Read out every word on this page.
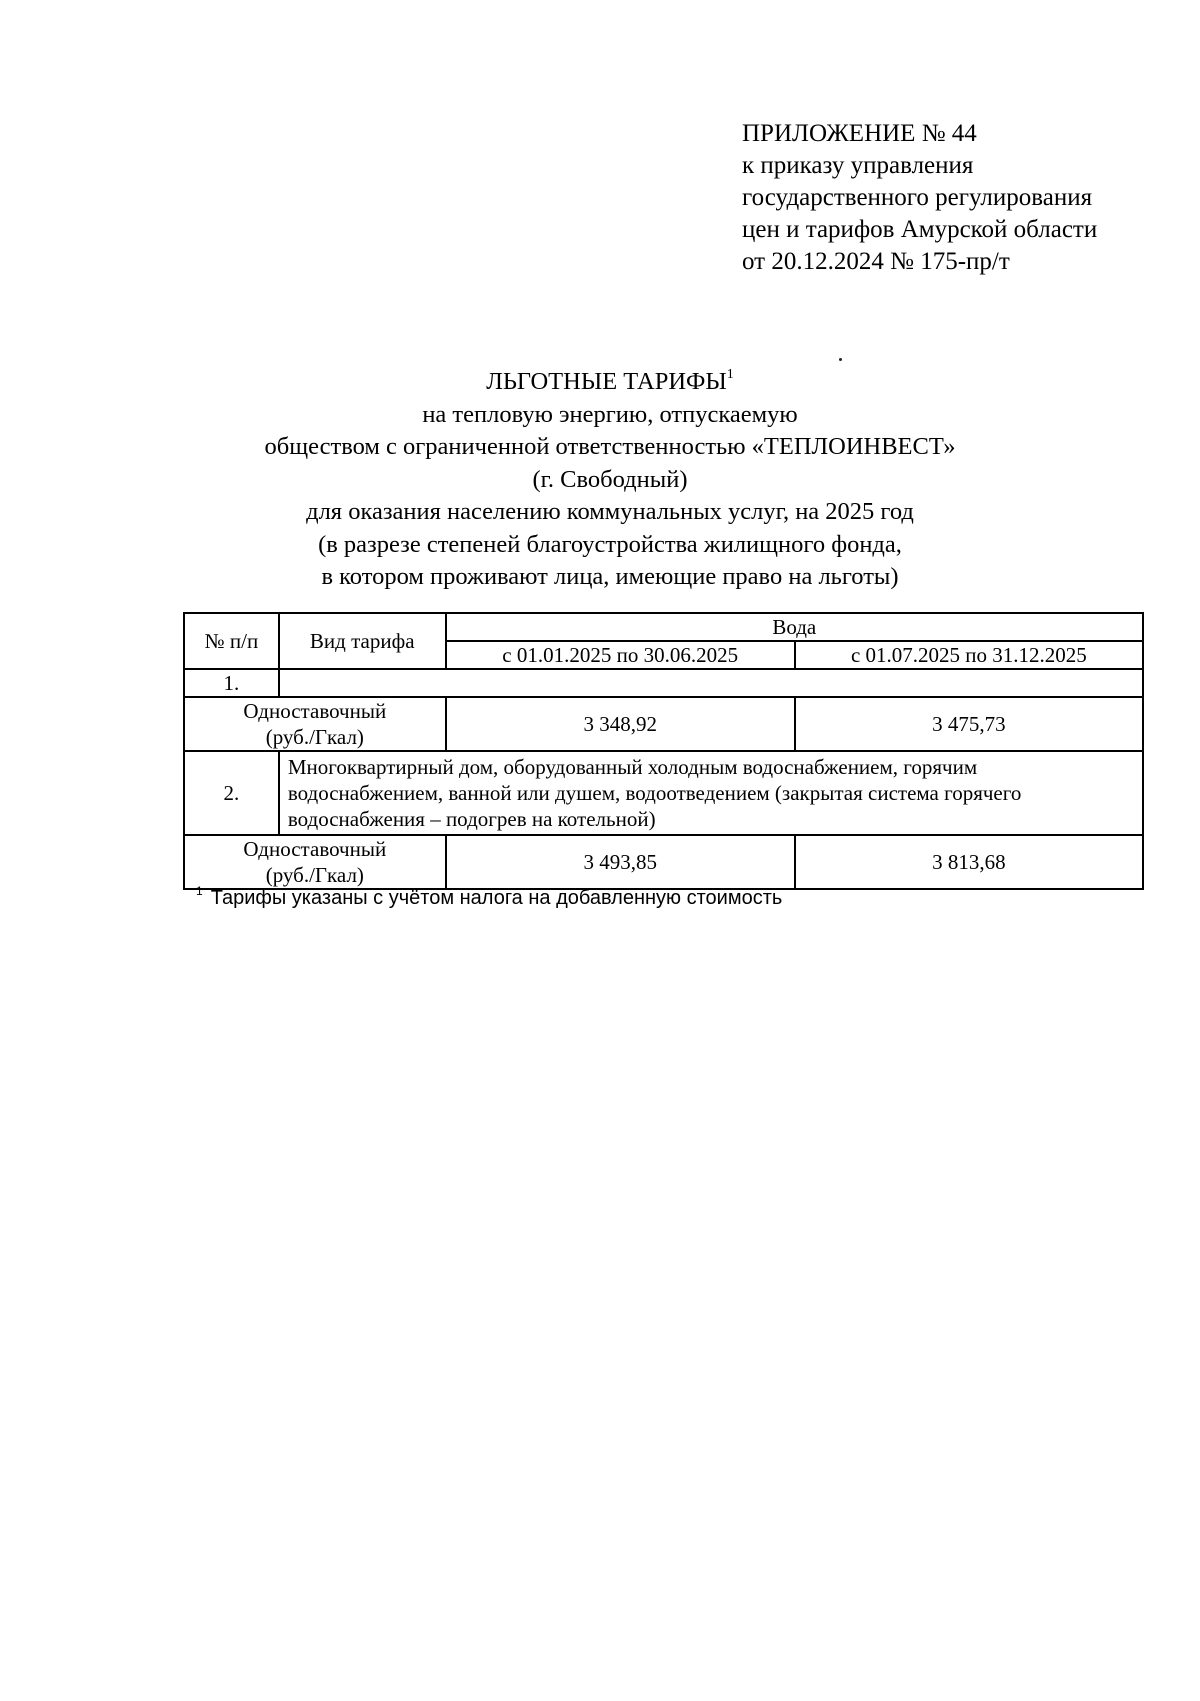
ПРИЛОЖЕНИЕ № 44
к приказу управления
государственного регулирования
цен и тарифов Амурской области
от 20.12.2024 № 175-пр/т
ЛЬГОТНЫЕ ТАРИФЫ$^1$
на тепловую энергию, отпускаемую
обществом с ограниченной ответственностью «ТЕПЛОИНВЕСТ»
(г. Свободный)
для оказания населению коммунальных услуг, на 2025 год
(в разрезе степеней благоустройства жилищного фонда,
в котором проживают лица, имеющие право на льготы)
№ п/п	Вид тарифа	Вода	
		с 01.01.2025 по 30.06.2025	с 01.07.2025 по 31.12.2025
1.			

Одноставочный
(руб./Гкал)		3 348,92	3 475,73
2.	Многоквартирный дом, оборудованный холодным водоснабжением, горячим водоснабжением, ванной или душем, водоотведением (закрытая система горячего водоснабжения – подогрев на котельной)		

Одноставочный
(руб./Гкал)		3 493,85	3 813,68
$^1$ Тарифы указаны с учётом налога на добавленную стоимость
